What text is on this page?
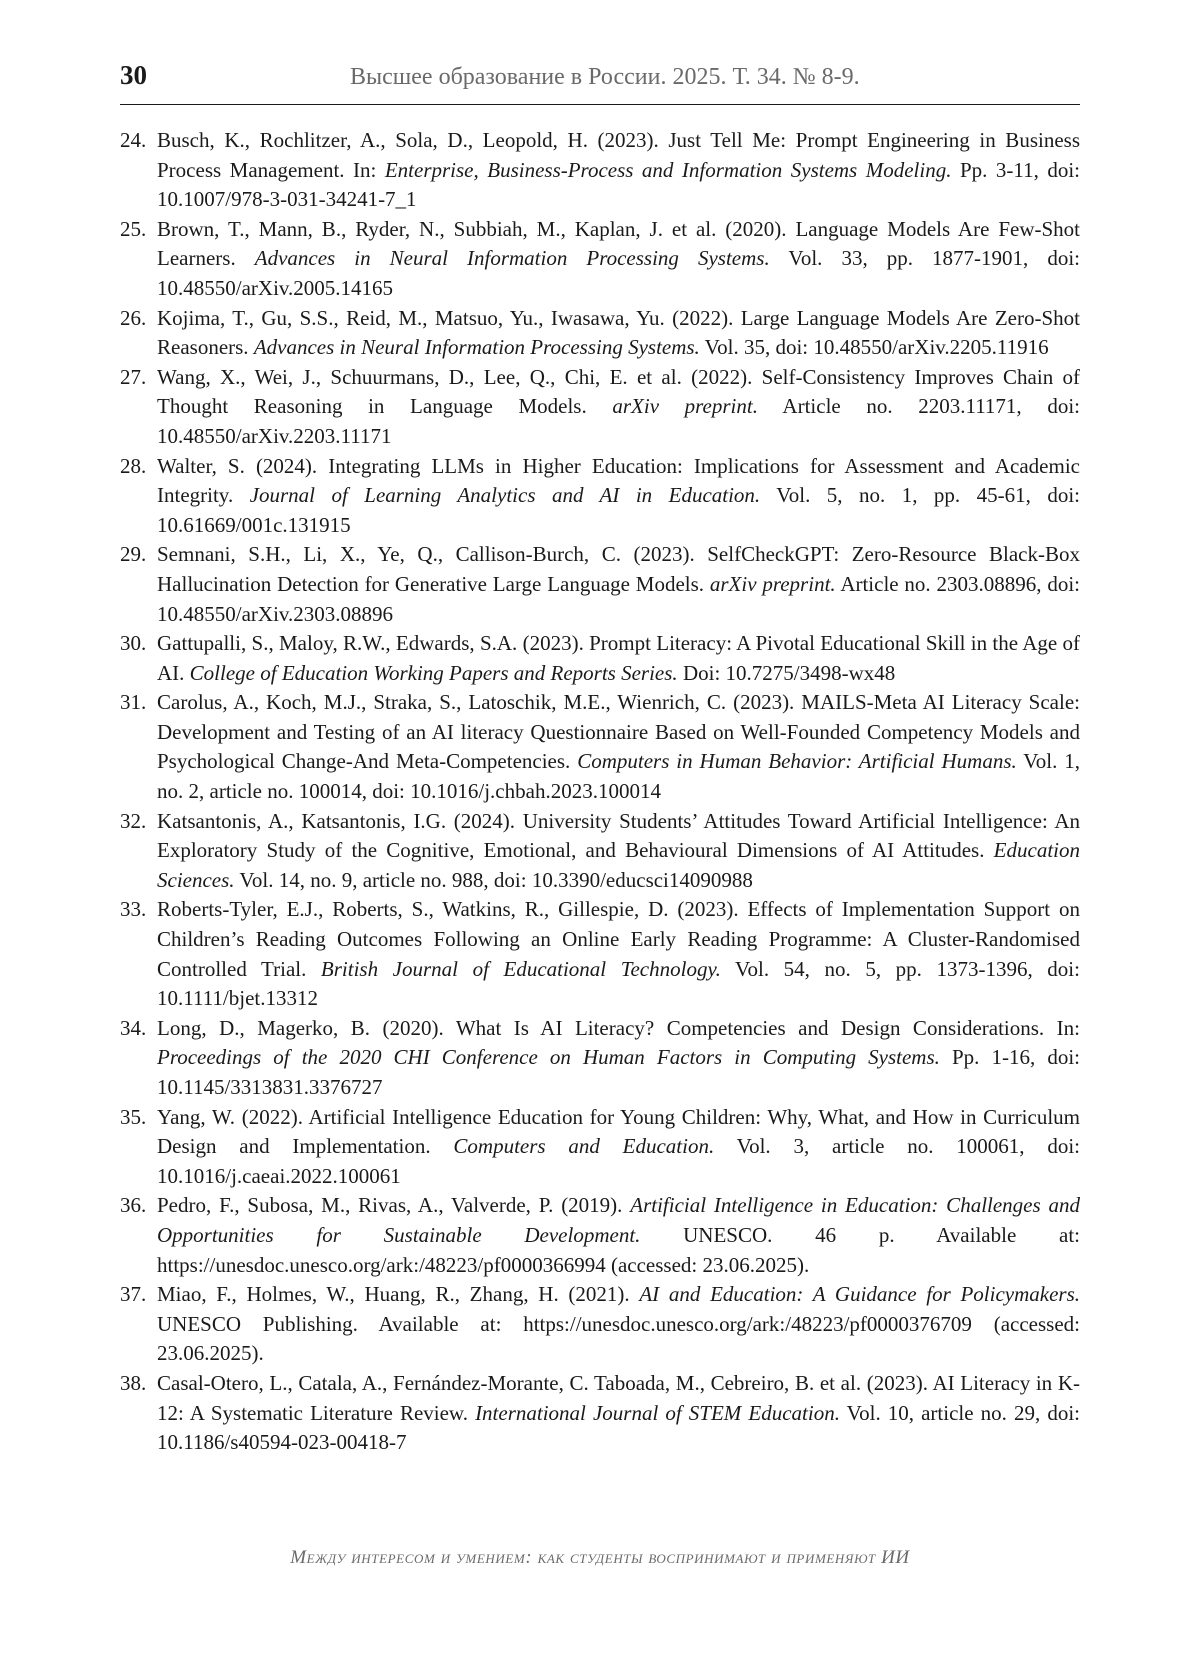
30	Высшее образование в России. 2025. Т. 34. № 8-9.
24. Busch, K., Rochlitzer, A., Sola, D., Leopold, H. (2023). Just Tell Me: Prompt Engineering in Business Process Management. In: Enterprise, Business-Process and Information Systems Modeling. Pp. 3-11, doi: 10.1007/978-3-031-34241-7_1
25. Brown, T., Mann, B., Ryder, N., Subbiah, M., Kaplan, J. et al. (2020). Language Models Are Few-Shot Learners. Advances in Neural Information Processing Systems. Vol. 33, pp. 1877-1901, doi: 10.48550/arXiv.2005.14165
26. Kojima, T., Gu, S.S., Reid, M., Matsuo, Yu., Iwasawa, Yu. (2022). Large Language Models Are Zero-Shot Reasoners. Advances in Neural Information Processing Systems. Vol. 35, doi: 10.48550/arXiv.2205.11916
27. Wang, X., Wei, J., Schuurmans, D., Lee, Q., Chi, E. et al. (2022). Self-Consistency Improves Chain of Thought Reasoning in Language Models. arXiv preprint. Article no. 2203.11171, doi: 10.48550/arXiv.2203.11171
28. Walter, S. (2024). Integrating LLMs in Higher Education: Implications for Assessment and Academic Integrity. Journal of Learning Analytics and AI in Education. Vol. 5, no. 1, pp. 45-61, doi: 10.61669/001c.131915
29. Semnani, S.H., Li, X., Ye, Q., Callison-Burch, C. (2023). SelfCheckGPT: Zero-Resource Black-Box Hallucination Detection for Generative Large Language Models. arXiv preprint. Article no. 2303.08896, doi: 10.48550/arXiv.2303.08896
30. Gattupalli, S., Maloy, R.W., Edwards, S.A. (2023). Prompt Literacy: A Pivotal Educational Skill in the Age of AI. College of Education Working Papers and Reports Series. Doi: 10.7275/3498-wx48
31. Carolus, A., Koch, M.J., Straka, S., Latoschik, M.E., Wienrich, C. (2023). MAILS-Meta AI Literacy Scale: Development and Testing of an AI literacy Questionnaire Based on Well-Founded Competency Models and Psychological Change-And Meta-Competencies. Computers in Human Behavior: Artificial Humans. Vol. 1, no. 2, article no. 100014, doi: 10.1016/j.chbah.2023.100014
32. Katsantonis, A., Katsantonis, I.G. (2024). University Students’ Attitudes Toward Artificial Intelligence: An Exploratory Study of the Cognitive, Emotional, and Behavioural Dimensions of AI Attitudes. Education Sciences. Vol. 14, no. 9, article no. 988, doi: 10.3390/educsci14090988
33. Roberts-Tyler, E.J., Roberts, S., Watkins, R., Gillespie, D. (2023). Effects of Implementation Support on Children’s Reading Outcomes Following an Online Early Reading Programme: A Cluster-Randomised Controlled Trial. British Journal of Educational Technology. Vol. 54, no. 5, pp. 1373-1396, doi: 10.1111/bjet.13312
34. Long, D., Magerko, B. (2020). What Is AI Literacy? Competencies and Design Considerations. In: Proceedings of the 2020 CHI Conference on Human Factors in Computing Systems. Pp. 1-16, doi: 10.1145/3313831.3376727
35. Yang, W. (2022). Artificial Intelligence Education for Young Children: Why, What, and How in Curriculum Design and Implementation. Computers and Education. Vol. 3, article no. 100061, doi: 10.1016/j.caeai.2022.100061
36. Pedro, F., Subosa, M., Rivas, A., Valverde, P. (2019). Artificial Intelligence in Education: Challenges and Opportunities for Sustainable Development. UNESCO. 46 p. Available at: https://unesdoc.unesco.org/ark:/48223/pf0000366994 (accessed: 23.06.2025).
37. Miao, F., Holmes, W., Huang, R., Zhang, H. (2021). AI and Education: A Guidance for Policymakers. UNESCO Publishing. Available at: https://unesdoc.unesco.org/ark:/48223/pf0000376709 (accessed: 23.06.2025).
38. Casal-Otero, L., Catala, A., Fernández-Morante, C. Taboada, M., Cebreiro, B. et al. (2023). AI Literacy in K-12: A Systematic Literature Review. International Journal of STEM Education. Vol. 10, article no. 29, doi: 10.1186/s40594-023-00418-7
Между интересом и умением: как студенты воспринимают и применяют ИИ
